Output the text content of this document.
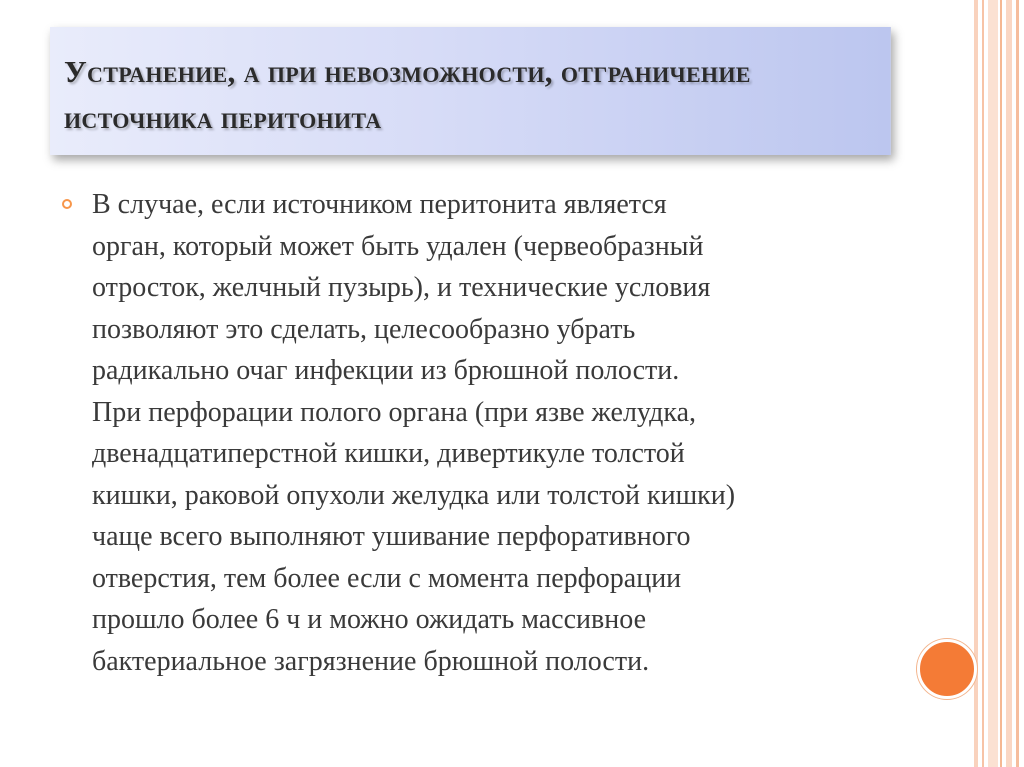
Устранение, а при невозможности, отграничение источника перитонита

В случае, если источником перитонита является
орган, который может быть удален (червеобразный
отросток, желчный пузырь), и технические условия
позволяют это сделать, целесообразно убрать
радикально очаг инфекции из брюшной полости.
При перфорации полого органа (при язве желудка,
двенадцатиперстной кишки, дивертикуле толстой
кишки, раковой опухоли желудка или толстой кишки)
чаще всего выполняют ушивание перфоративного
отверстия, тем более если с момента перфорации
прошло более 6 ч и можно ожидать массивное
бактериальное загрязнение брюшной полости.
